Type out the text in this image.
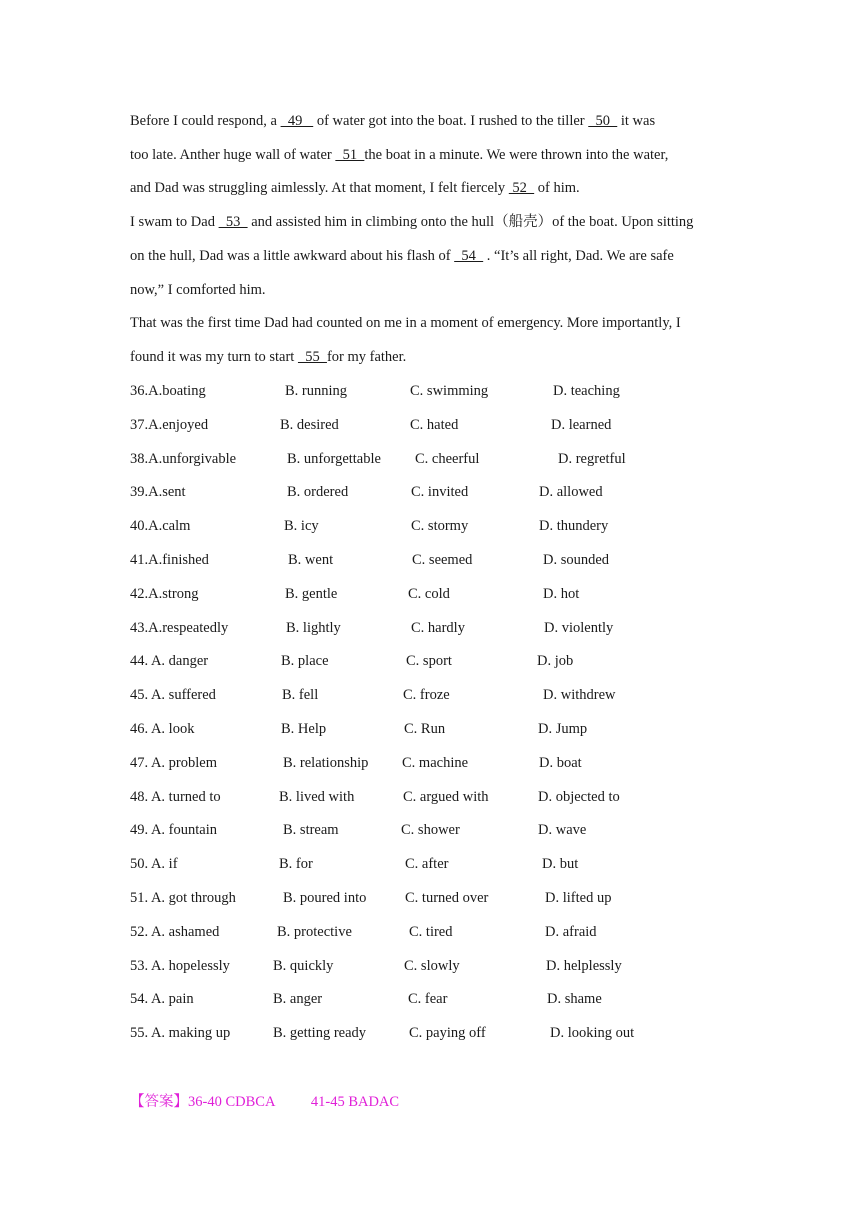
Before I could respond, a   49    of water got into the boat. I rushed to the tiller   50   it was

too late. Anther huge wall of water   51  the boat in a minute. We were thrown into the water,

and Dad was struggling aimlessly. At that moment, I felt fiercely  52   of him.

I swam to Dad   53   and assisted him in climbing onto the hull（船壳）of the boat. Upon sitting

on the hull, Dad was a little awkward about his flash of   54   . “It’s all right, Dad. We are safe

now,” I comforted him.

That was the first time Dad had counted on me in a moment of emergency. More importantly, I

found it was my turn to start   55  for my father.

36.A.boating	B. running	C. swimming	D. teaching
37.A.enjoyed	B. desired	C. hated	D. learned
38.A.unforgivable	B. unforgettable C. cheerful	D. regretful
39.A.sent	B. ordered	C. invited	D. allowed
40.A.calm	B. icy	C. stormy	D. thundery
41.A.finished	B. went	C. seemed	D. sounded
42.A.strong	B. gentle	C. cold	D. hot
43.A.respeatedly	B. lightly	C. hardly	D. violently
44. A. danger	B. place	C. sport	D. job
45. A. suffered	B. fell	C. froze	D. withdrew
46. A. look	B. Help	C. Run	D. Jump
47. A. problem	B. relationship C. machine	D. boat
48. A. turned to	B. lived with	C. argued with	D. objected to
49. A. fountain	B. stream	C. shower	D. wave
50. A. if	B. for	C. after	D. but
51. A. got through	B. poured into	C. turned over	D. lifted up
52. A. ashamed	B. protective	C. tired	D. afraid
53. A. hopelessly	B. quickly	C. slowly	D. helplessly
54. A. pain	B. anger	C. fear	D. shame
55. A. making up	B. getting ready	C. paying off	D. looking out
【答案】36-40 CDBCA          41-45 BADAC
